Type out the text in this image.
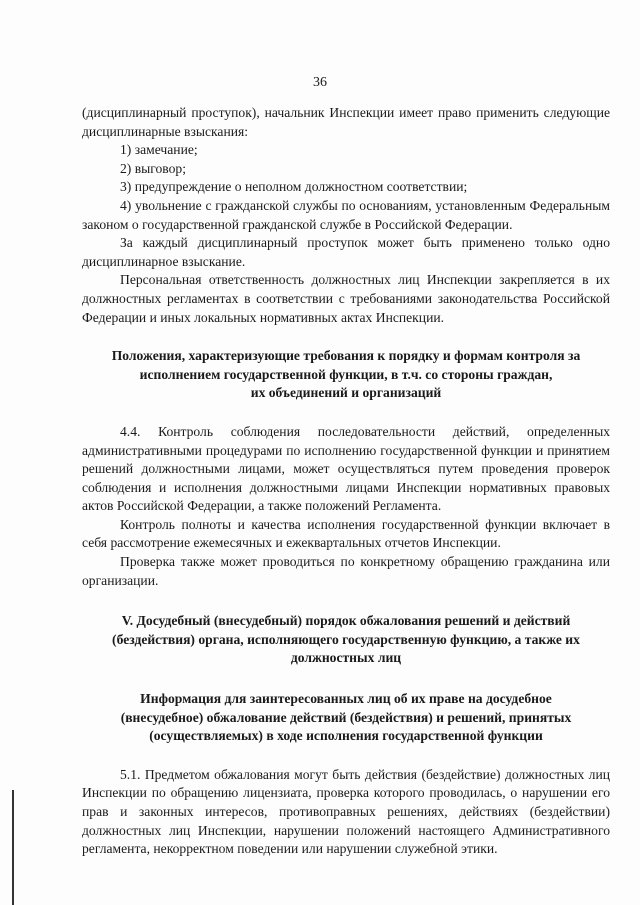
36

(дисциплинарный проступок), начальник Инспекции имеет право применить следующие дисциплинарные взыскания:

1) замечание;

2) выговор;

3) предупреждение о неполном должностном соответствии;

4) увольнение с гражданской службы по основаниям, установленным Федеральным законом о государственной гражданской службе в Российской Федерации.

За каждый дисциплинарный проступок может быть применено только одно дисциплинарное взыскание.

Персональная ответственность должностных лиц Инспекции закрепляется в их должностных регламентах в соответствии с требованиями законодательства Российской Федерации и иных локальных нормативных актах Инспекции.

Положения, характеризующие требования к порядку и формам контроля за
исполнением государственной функции, в т.ч. со стороны граждан,
их объединений и организаций

4.4. Контроль соблюдения последовательности действий, определенных административными процедурами по исполнению государственной функции и принятием решений должностными лицами, может осуществляться путем проведения проверок соблюдения и исполнения должностными лицами Инспекции нормативных правовых актов Российской Федерации, а также положений Регламента.

Контроль полноты и качества исполнения государственной функции включает в себя рассмотрение ежемесячных и ежеквартальных отчетов Инспекции.

Проверка также может проводиться по конкретному обращению гражданина или организации.

V. Досудебный (внесудебный) порядок обжалования решений и действий
(бездействия) органа, исполняющего государственную функцию, а также их
должностных лиц
Информация для заинтересованных лиц об их праве на досудебное
(внесудебное) обжалование действий (бездействия) и решений, принятых
(осуществляемых) в ходе исполнения государственной функции

5.1. Предметом обжалования могут быть действия (бездействие) должностных лиц Инспекции по обращению лицензиата, проверка которого проводилась, о нарушении его прав и законных интересов, противоправных решениях, действиях (бездействии) должностных лиц Инспекции, нарушении положений настоящего Административного регламента, некорректном поведении или нарушении служебной этики.
